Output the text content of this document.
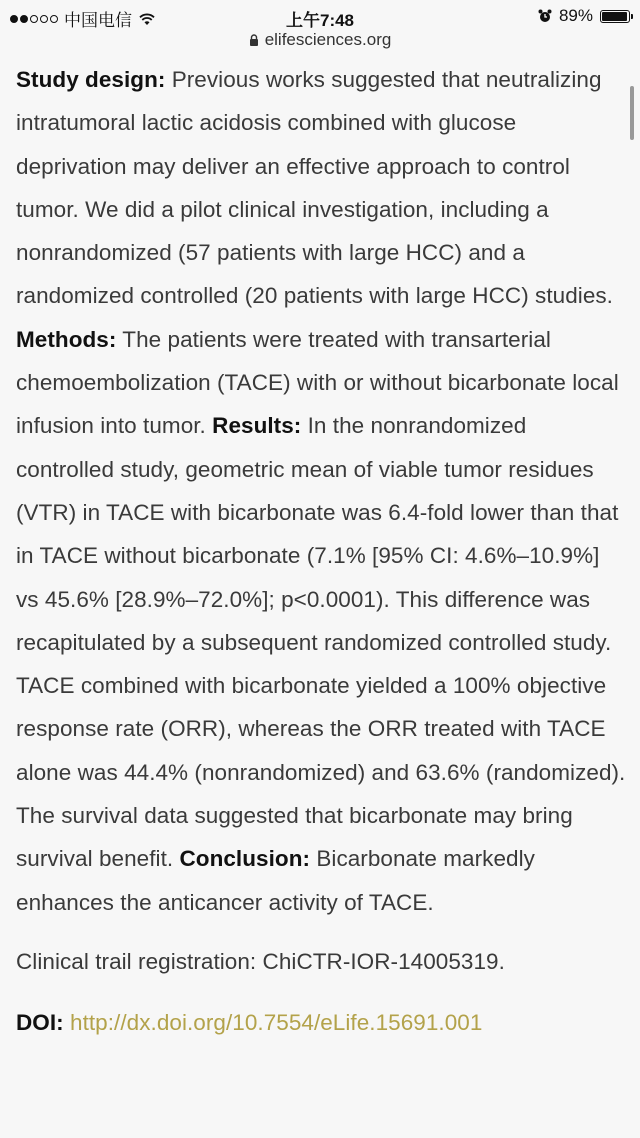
中国电信	上午7:48	89%
elifesciences.org
Study design: Previous works suggested that neutralizing intratumoral lactic acidosis combined with glucose deprivation may deliver an effective approach to control tumor. We did a pilot clinical investigation, including a nonrandomized (57 patients with large HCC) and a randomized controlled (20 patients with large HCC) studies. Methods: The patients were treated with transarterial chemoembolization (TACE) with or without bicarbonate local infusion into tumor. Results: In the nonrandomized controlled study, geometric mean of viable tumor residues (VTR) in TACE with bicarbonate was 6.4-fold lower than that in TACE without bicarbonate (7.1% [95% CI: 4.6%–10.9%] vs 45.6% [28.9%–72.0%]; p<0.0001). This difference was recapitulated by a subsequent randomized controlled study. TACE combined with bicarbonate yielded a 100% objective response rate (ORR), whereas the ORR treated with TACE alone was 44.4% (nonrandomized) and 63.6% (randomized). The survival data suggested that bicarbonate may bring survival benefit. Conclusion: Bicarbonate markedly enhances the anticancer activity of TACE.
Clinical trail registration: ChiCTR-IOR-14005319.
DOI: http://dx.doi.org/10.7554/eLife.15691.001
